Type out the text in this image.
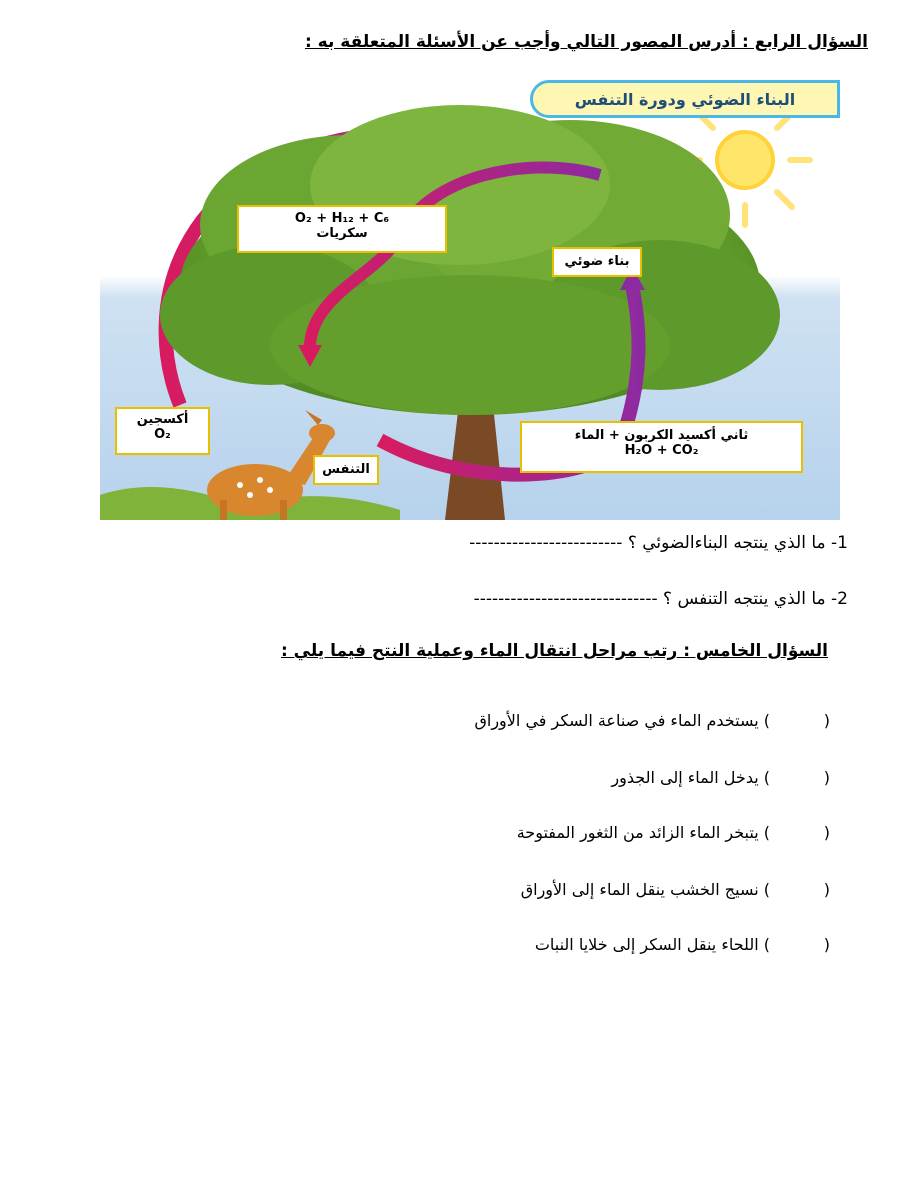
السؤال الرابع : أدرس المصور التالي وأجب عن الأسئلة المتعلقة به :
البناء الضوئي ودورة التنفس
O₂ + H₁₂ + C₆
سكريات
بناء ضوئي
أكسجين
O₂	ثاني أكسيد الكربون + الماء
H₂O + CO₂
التنفس
1- ما الذي ينتجه البناءالضوئي ؟ -------------------------
2- ما الذي ينتجه التنفس ؟ ------------------------------
السؤال الخامس : رتب مراحل انتقال الماء وعملية النتح فيما يلي :
() يستخدم الماء في صناعة السكر في الأوراق
() يدخل الماء إلى الجذور
() يتبخر الماء الزائد من الثغور المفتوحة
() نسيج الخشب ينقل الماء إلى الأوراق
() اللحاء ينقل السكر إلى خلايا النبات
